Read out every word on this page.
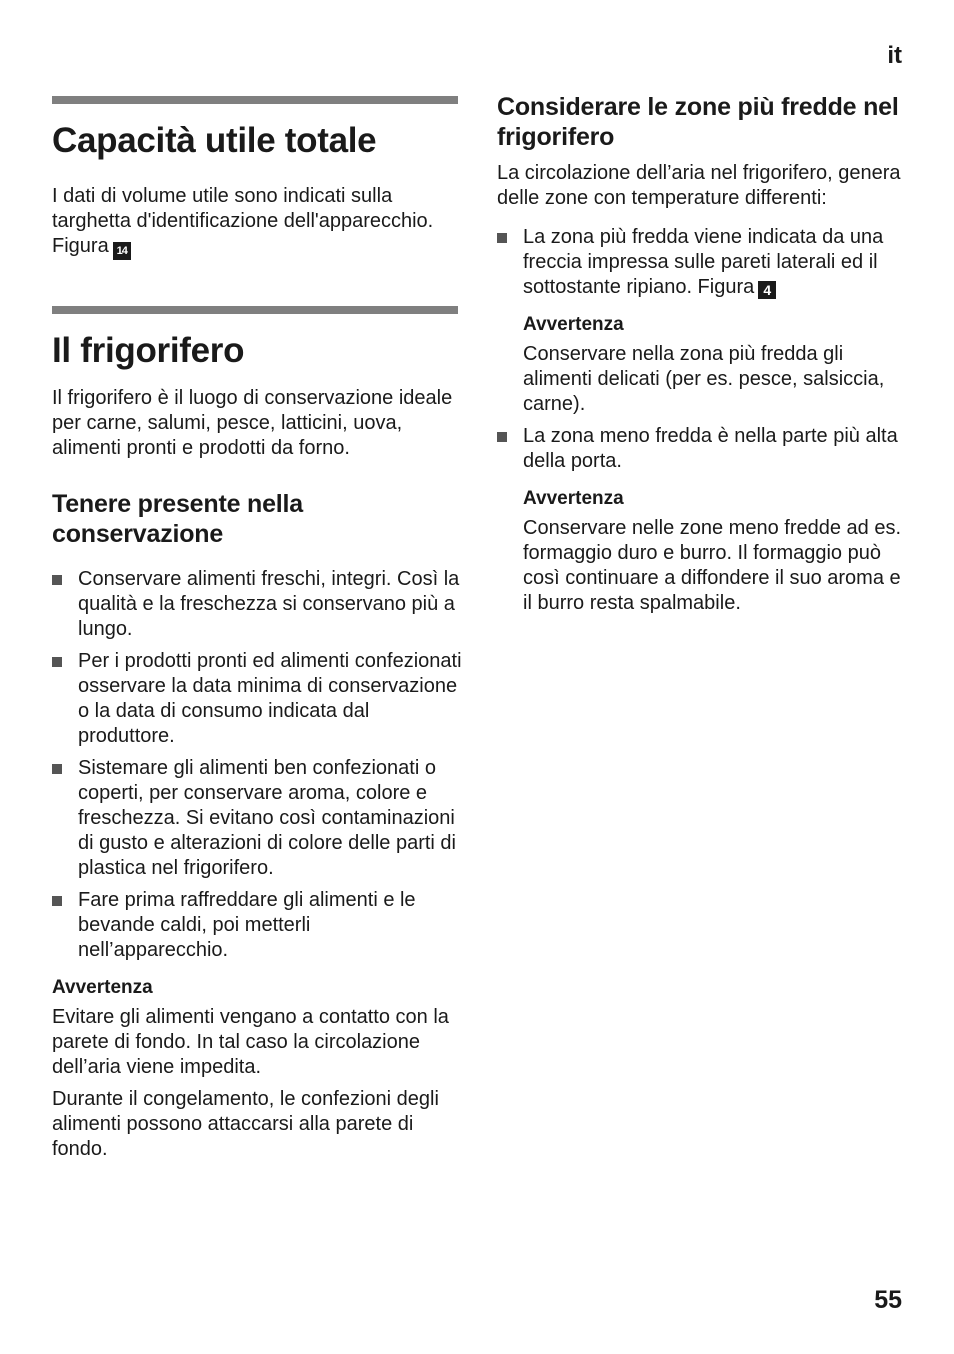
it
Capacità utile totale

I dati di volume utile sono indicati sulla targhetta d'identificazione dell'apparecchio. Figura 14

Il frigorifero

Il frigorifero è il luogo di conservazione ideale per carne, salumi, pesce, latticini, uova, alimenti pronti e prodotti da forno.

Tenere presente nella conservazione
Conservare alimenti freschi, integri. Così la qualità e la freschezza si conservano più a lungo.
Per i prodotti pronti ed alimenti confezionati osservare la data minima di conservazione o la data di consumo indicata dal produttore.
Sistemare gli alimenti ben confezionati o coperti, per conservare aroma, colore e freschezza. Si evitano così contaminazioni di gusto e alterazioni di colore delle parti di plastica nel frigorifero.
Fare prima raffreddare gli alimenti e le bevande caldi, poi metterli nell’apparecchio.
Avvertenza

Evitare gli alimenti vengano a contatto con la parete di fondo. In tal caso la circolazione dell’aria viene impedita.

Durante il congelamento, le confezioni degli alimenti possono attaccarsi alla parete di fondo.

Considerare le zone più fredde nel frigorifero

La circolazione dell’aria nel frigorifero, genera delle zone con temperature differenti:

La zona più fredda viene indicata da una freccia impressa sulle pareti laterali ed il sottostante ripiano. Figura 4
Avvertenza

Conservare nella zona più fredda gli alimenti delicati (per es. pesce, salsiccia, carne).

La zona meno fredda è nella parte più alta della porta.
Avvertenza

Conservare nelle zone meno fredde ad es. formaggio duro e burro. Il formaggio può così continuare a diffondere il suo aroma e il burro resta spalmabile.

55
